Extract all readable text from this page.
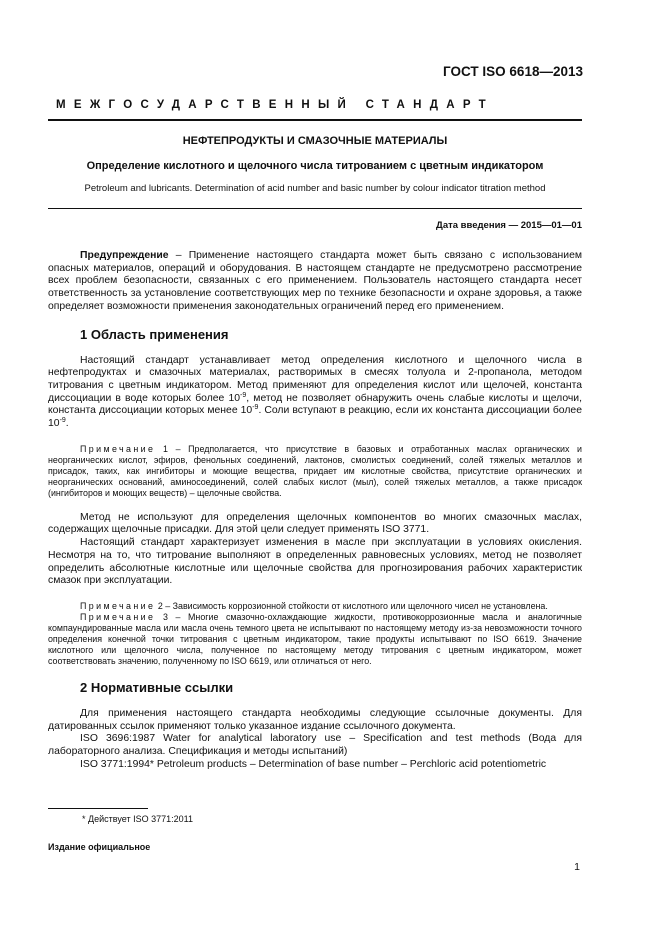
ГОСТ ISO 6618—2013
МЕЖГОСУДАРСТВЕННЫЙ СТАНДАРТ
НЕФТЕПРОДУКТЫ И СМАЗОЧНЫЕ МАТЕРИАЛЫ
Определение кислотного и щелочного числа титрованием с цветным индикатором
Petroleum and lubricants. Determination of acid number and basic number by colour indicator titration method
Дата введения — 2015—01—01

Предупреждение – Применение настоящего стандарта может быть связано с использованием опасных материалов, операций и оборудования. В настоящем стандарте не предусмотрено рассмотрение всех проблем безопасности, связанных с его применением. Пользователь настоящего стандарта несет ответственность за установление соответствующих мер по технике безопасности и охране здоровья, а также определяет возможности применения законодательных ограничений перед его применением.

1 Область применения

Настоящий стандарт устанавливает метод определения кислотного и щелочного числа в нефтепродуктах и смазочных материалах, растворимых в смесях толуола и 2-пропанола, методом титрования с цветным индикатором. Метод применяют для определения кислот или щелочей, константа диссоциации в воде которых более $10^{-9}$, метод не позволяет обнаружить очень слабые кислоты и щелочи, константа диссоциации которых менее $10^{-9}$. Соли вступают в реакцию, если их константа диссоциации более $10^{-9}$.

Примечание 1 – Предполагается, что присутствие в базовых и отработанных маслах органических и неорганических кислот, эфиров, фенольных соединений, лактонов, смолистых соединений, солей тяжелых металлов и присадок, таких, как ингибиторы и моющие вещества, придает им кислотные свойства, присутствие органических и неорганических оснований, аминосоединений, солей слабых кислот (мыл), солей тяжелых металлов, а также присадок (ингибиторов и моющих веществ) – щелочные свойства.

Метод не используют для определения щелочных компонентов во многих смазочных маслах, содержащих щелочные присадки. Для этой цели следует применять ISO 3771.

Настоящий стандарт характеризует изменения в масле при эксплуатации в условиях окисления. Несмотря на то, что титрование выполняют в определенных равновесных условиях, метод не позволяет определить абсолютные кислотные или щелочные свойства для прогнозирования рабочих характеристик смазок при эксплуатации.

Примечание 2 – Зависимость коррозионной стойкости от кислотного или щелочного чисел не установлена.

Примечание 3 – Многие смазочно-охлаждающие жидкости, противокоррозионные масла и аналогичные компаундированные масла или масла очень темного цвета не испытывают по настоящему методу из-за невозможности точного определения конечной точки титрования с цветным индикатором, такие продукты испытывают по ISO 6619. Значение кислотного или щелочного числа, полученное по настоящему методу титрования с цветным индикатором, может соответствовать значению, полученному по ISO 6619, или отличаться от него.

2 Нормативные ссылки

Для применения настоящего стандарта необходимы следующие ссылочные документы. Для датированных ссылок применяют только указанное издание ссылочного документа.

ISO 3696:1987 Water for analytical laboratory use – Specification and test methods (Вода для лабораторного анализа. Спецификация и методы испытаний)

ISO 3771:1994* Petroleum products – Determination of base number – Perchloric acid potentiometric

* Действует ISO 3771:2011
Издание официальное
1
